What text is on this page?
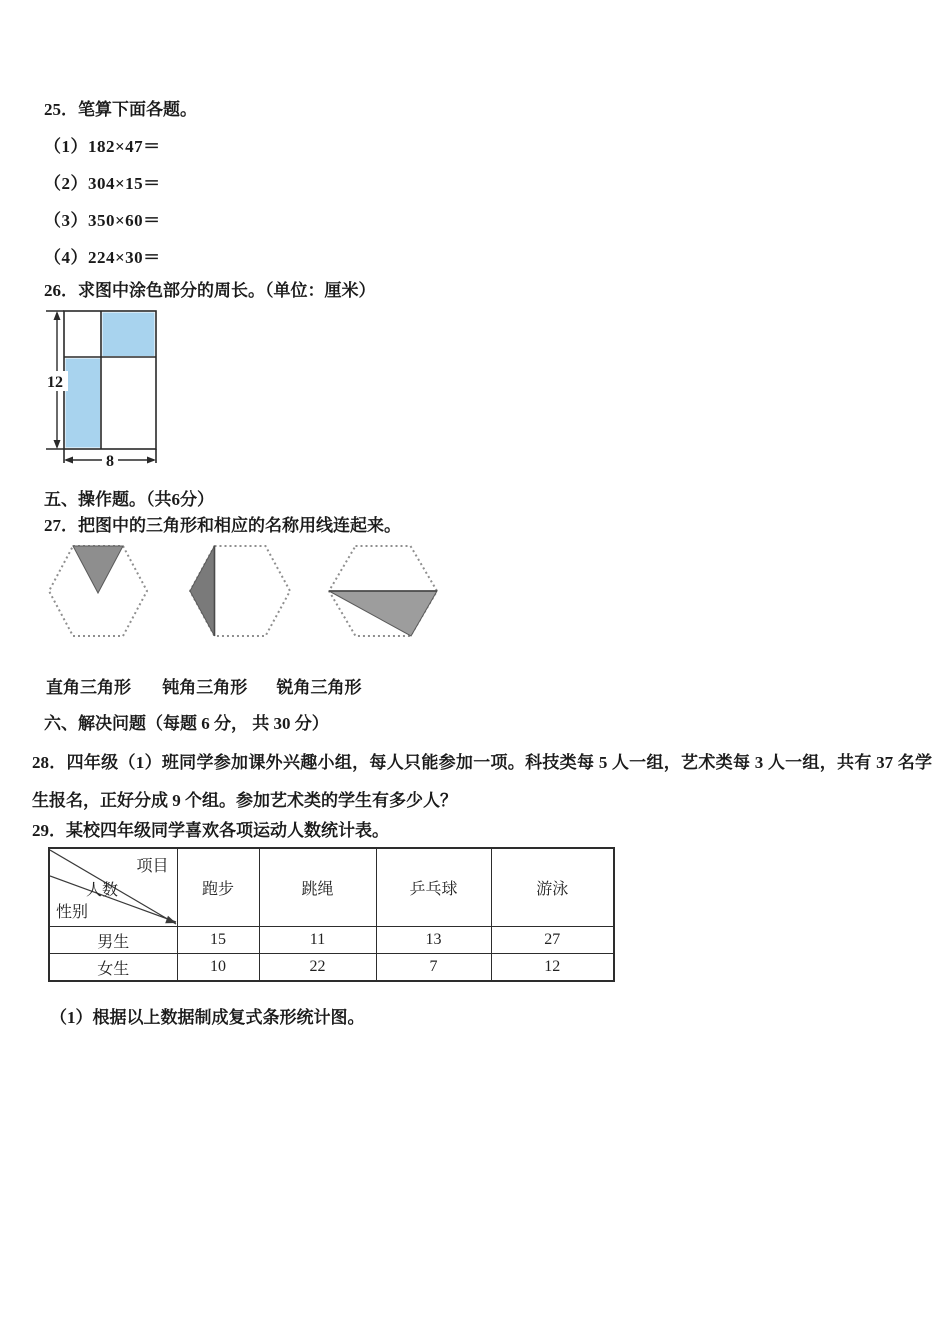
25．笔算下面各题。
（1）182×47＝
（2）304×15＝
（3）350×60＝
（4）224×30＝
26．求图中涂色部分的周长。（单位：厘米）
12
8
五、操作题。（共6分）
27．把图中的三角形和相应的名称用线连起来。
直角三角形 钝角三角形 锐角三角形
六、解决问题（每题 6 分， 共 30 分）

28．四年级（1）班同学参加课外兴趣小组，每人只能参加一项。科技类每 5 人一组，艺术类每 3 人一组，共有 37 名学生报名，正好分成 9 个组。参加艺术类的学生有多少人？

29．某校四年级同学喜欢各项运动人数统计表。
项目
人数
性别	跑步	跳绳	乒乓球	游泳
男生	15	11	13	27
女生	10	22	7	12
（1）根据以上数据制成复式条形统计图。
